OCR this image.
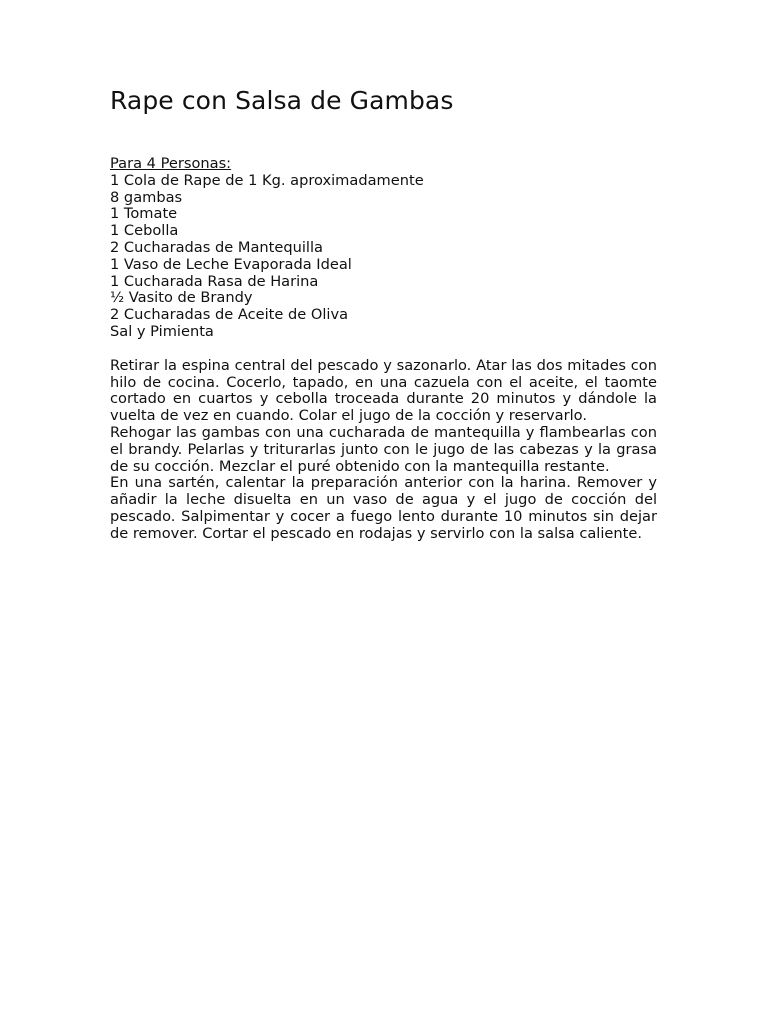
Rape con Salsa de Gambas
Para 4 Personas:
1 Cola de Rape de 1 Kg. aproximadamente
8 gambas
1 Tomate
1 Cebolla
2 Cucharadas de Mantequilla
1 Vaso de Leche Evaporada Ideal
1 Cucharada Rasa de Harina
½ Vasito de Brandy
2 Cucharadas de Aceite de Oliva
Sal y Pimienta

Retirar la espina central del pescado y sazonarlo. Atar las dos mitades con hilo de cocina. Cocerlo, tapado, en una cazuela con el aceite, el taomte cortado en cuartos y cebolla troceada durante 20 minutos y dándole la vuelta de vez en cuando. Colar el jugo de la cocción y reservarlo.

Rehogar las gambas con una cucharada de mantequilla y flambearlas con el brandy. Pelarlas y triturarlas junto con le jugo de las cabezas y la grasa de su cocción. Mezclar el puré obtenido con la mantequilla restante.

En una sartén, calentar la preparación anterior con la harina. Remover y añadir la leche disuelta en un vaso de agua y el jugo de cocción del pescado. Salpimentar y cocer a fuego lento durante 10 minutos sin dejar de remover. Cortar el pescado en rodajas y servirlo con la salsa caliente.
